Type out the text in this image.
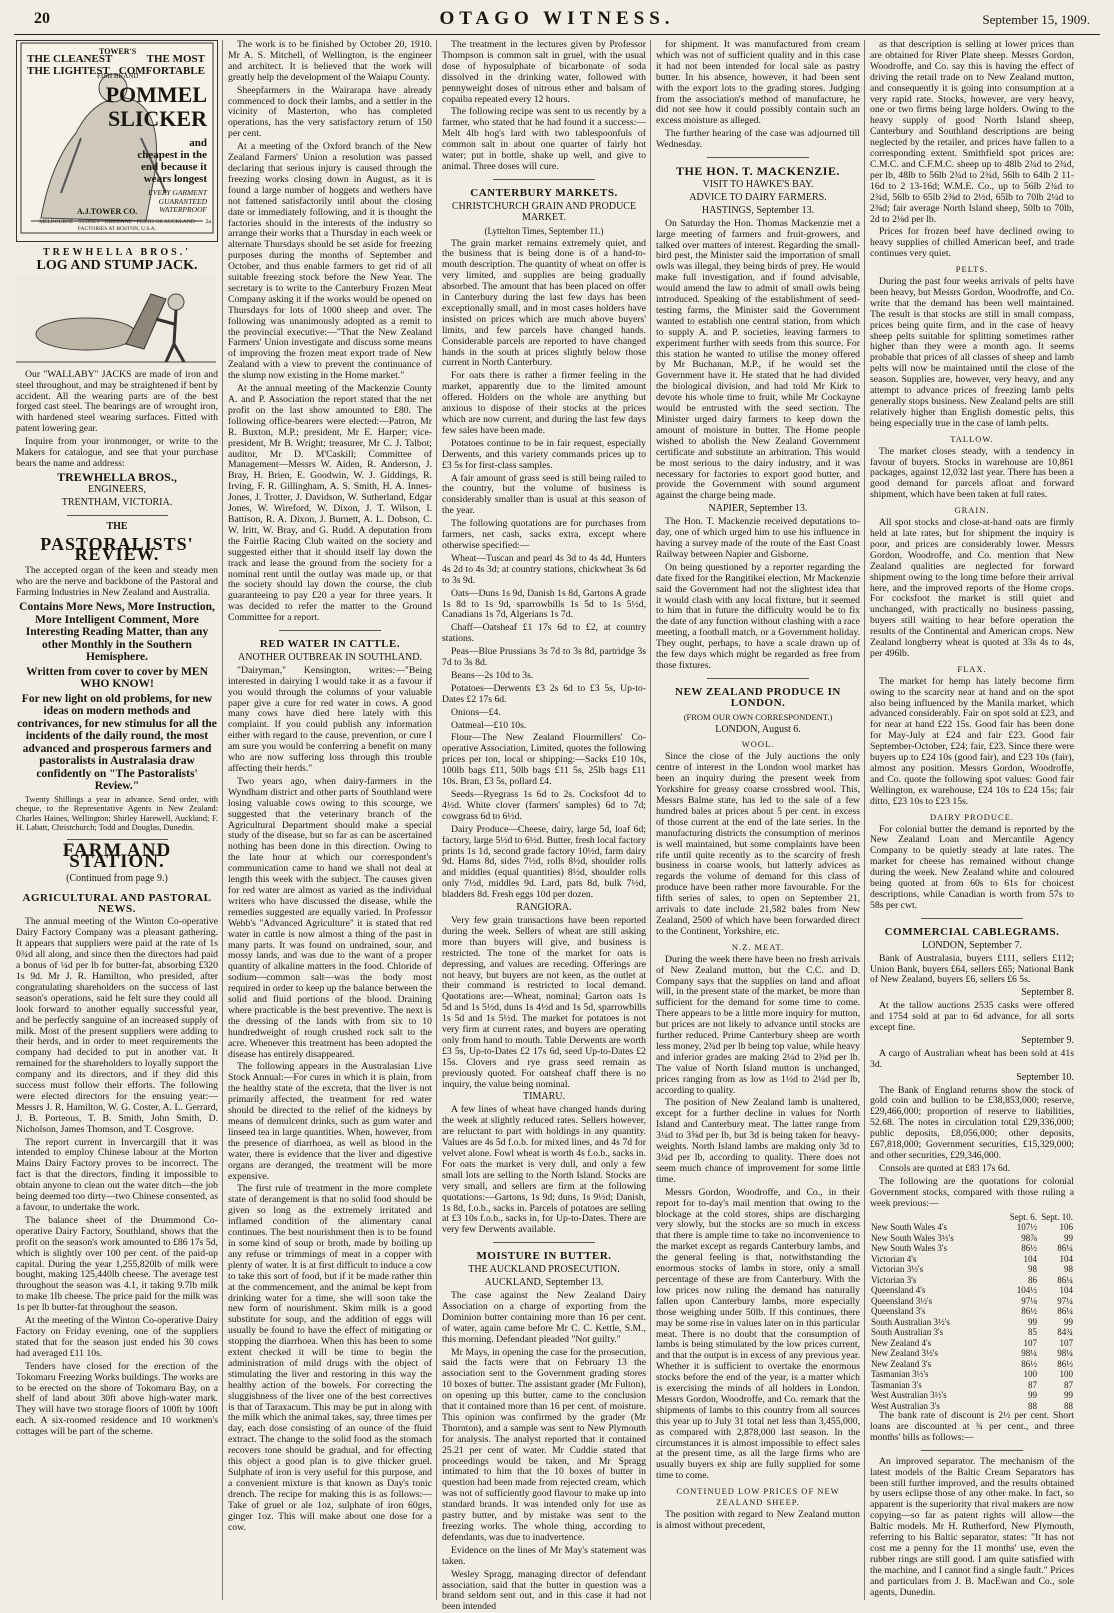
20	OTAGO WITNESS.	September 15, 1909.
THE CLEANEST
THE LIGHTEST
THE MOST
COMFORTABLE
TOWER'S
FISH BRAND
POMMEL
SLICKER
and
cheapest in the
end because it
wears longest
EVERY GARMENT GUARANTEED WATERPROOF
A.J.TOWER CO.
MELBOURNE • SYDNEY • BRISBANE • PERTH OR AUCKLAND
FACTORIES AT BOSTON, U.S.A.
2a

TREWHELLA BROS.'

LOG AND STUMP JACK.

Our "WALLABY" JACKS are made of iron and steel throughout, and may be straightened if bent by accident. All the wearing parts are of the best forged cast steel. The bearings are of wrought iron, with hardened steel wearing surfaces. Fitted with patent lowering gear.

Inquire from your ironmonger, or write to the Makers for catalogue, and see that your purchase bears the name and address:

TREWHELLA BROS.,

ENGINEERS,

TRENTHAM, VICTORIA.

THE

PASTORALISTS' REVIEW.

The accepted organ of the keen and steady men who are the nerve and backbone of the Pastoral and Farming Industries in New Zealand and Australia.

Contains More News, More Instruction, More Intelligent Comment, More Interesting Reading Matter, than any other Monthly in the Southern Hemisphere.

Written from cover to cover by MEN WHO KNOW!

For new light on old problems, for new ideas on modern methods and contrivances, for new stimulus for all the incidents of the daily round, the most advanced and prosperous farmers and pastoralists in Australasia draw confidently on "The Pastoralists' Review."

Twenty Shillings a year in advance. Send order, with cheque, to the Representative Agents in New Zealand: Charles Haines, Wellington; Shirley Harewell, Auckland; F. H. Labatt, Christchurch; Todd and Douglas, Dunedin.

FARM AND STATION.

(Continued from page 9.)

AGRICULTURAL AND PASTORAL NEWS.

The annual meeting of the Winton Co-operative Dairy Factory Company was a pleasant gathering. It appears that suppliers were paid at the rate of 1s 0¾d all along, and since then the directors had paid a bonus of ¼d per lb for butter-fat, absorbing £320 1s 9d. Mr J. R. Hamilton, who presided, after congratulating shareholders on the success of last season's operations, said he felt sure they could all look forward to another equally successful year, and be perfectly sanguine of an increased supply of milk. Most of the present suppliers were adding to their herds, and in order to meet requirements the company had decided to put in another vat. It remained for the shareholders to loyally support the company and its directors, and if they did this success must follow their efforts. The following were elected directors for the ensuing year:—Messrs J. R. Hamilton, W. G. Coster, A. L. Gerrard, J. B. Porteous, T. B. Smith, John Smith, D. Nicholson, James Thomson, and T. Cosgrove.

The report current in Invercargill that it was intended to employ Chinese labour at the Morton Mains Dairy Factory proves to be incorrect. The fact is that the directors, finding it impossible to obtain anyone to clean out the water ditch—the job being deemed too dirty—two Chinese consented, as a favour, to undertake the work.

The balance sheet of the Drummond Co-operative Dairy Factory, Southland, shows that the profit on the season's work amounted to £86 17s 5d, which is slightly over 100 per cent. of the paid-up capital. During the year 1,255,820lb of milk were bought, making 125,440lb cheese. The average test throughout the season was 4.1, it taking 9.7lb milk to make 1lb cheese. The price paid for the milk was 1s per lb butter-fat throughout the season.

At the meeting of the Winton Co-operative Dairy Factory on Friday evening, one of the suppliers stated that for the season just ended his 30 cows had averaged £11 10s.

Tenders have closed for the erection of the Tokomaru Freezing Works buildings. The works are to be erected on the shore of Tokomaru Bay, on a shelf of land about 30ft above high-water mark. They will have two storage floors of 100ft by 100ft each. A six-roomed residence and 10 workmen's cottages will be part of the scheme.

The work is to be finished by October 20, 1910. Mr A. S. Mitchell, of Wellington, is the engineer and architect. It is believed that the work will greatly help the development of the Waiapu County.

Sheepfarmers in the Wairarapa have already commenced to dock their lambs, and a settler in the vicinity of Masterton, who has completed operations, has the very satisfactory return of 150 per cent.

At a meeting of the Oxford branch of the New Zealand Farmers' Union a resolution was passed declaring that serious injury is caused through the freezing works closing down in August, as it is found a large number of hoggets and wethers have not fattened satisfactorily until about the closing date or immediately following, and it is thought the factories should in the interests of the industry so arrange their works that a Thursday in each week or alternate Thursdays should be set aside for freezing purposes during the months of September and October, and thus enable farmers to get rid of all suitable freezing stock before the New Year. The secretary is to write to the Canterbury Frozen Meat Company asking it if the works would be opened on Thursdays for lots of 1000 sheep and over. The following was unanimously adopted as a remit to the provincial executive:—"That the New Zealand Farmers' Union investigate and discuss some means of improving the frozen meat export trade of New Zealand with a view to prevent the continuance of the slump now existing in the Home market."

At the annual meeting of the Mackenzie County A. and P. Association the report stated that the net profit on the last show amounted to £80. The following office-bearers were elected:—Patron, Mr R. Buxton, M.P.; president, Mr E. Harper; vice-president, Mr B. Wright; treasurer, Mr C. J. Talbot; auditor, Mr D. M'Caskill; Committee of Management—Messrs W. Aiden, R. Anderson, J. Bray, H. Brien, E. Goodwin, W. J. Giddings, R. Irving, F. R. Gillingham, A. S. Smith, H. A. Innes-Jones, J. Trotter, J. Davidson, W. Sutherland, Edgar Jones, W. Wireford, W. Dixon, J. T. Wilson, I. Battison, R. A. Dixon, J. Burnett, A. L. Dobson, C. W. Iritt, W. Bray, and G. Rudd. A deputation from the Fairlie Racing Club waited on the society and suggested either that it should itself lay down the track and lease the ground from the society for a nominal rent until the outlay was made up, or that the society should lay down the course, the club guaranteeing to pay £20 a year for three years. It was decided to refer the matter to the Ground Committee for a report.

RED WATER IN CATTLE.

ANOTHER OUTBREAK IN SOUTHLAND.

"Dairyman," Kensington, writes:—"Being interested in dairying I would take it as a favour if you would through the columns of your valuable paper give a cure for red water in cows. A good many cows have died here lately with this complaint. If you could publish any information either with regard to the cause, prevention, or cure I am sure you would be conferring a benefit on many who are now suffering loss through this trouble affecting their herds."

Two years ago, when dairy-farmers in the Wyndham district and other parts of Southland were losing valuable cows owing to this scourge, we suggested that the veterinary branch of the Agricultural Department should make a special study of the disease, but so far as can be ascertained nothing has been done in this direction. Owing to the late hour at which our correspondent's communication came to hand we shall not deal at length this week with the subject. The causes given for red water are almost as varied as the individual writers who have discussed the disease, while the remedies suggested are equally varied. In Professor Webb's "Advanced Agriculture" it is stated that red water in cattle is now almost a thing of the past in many parts. It was found on undrained, sour, and mossy lands, and was due to the want of a proper quantity of alkaline matters in the food. Chloride of sodium—common salt—was the body most required in order to keep up the balance between the solid and fluid portions of the blood. Draining where practicable is the best preventive. The next is the dressing of the lands with from six to 10 hundredweight of rough crushed rock salt to the acre. Whenever this treatment has been adopted the disease has entirely disappeared.

The following appears in the Australasian Live Stock Annual:—For cures in which it is plain, from the healthy state of the excreta, that the liver is not primarily affected, the treatment for red water should be directed to the relief of the kidneys by means of demulcent drinks, such as gum water and linseed tea in large quantities. When, however, from the presence of diarrhoea, as well as blood in the water, there is evidence that the liver and digestive organs are deranged, the treatment will be more expensive.

The first rule of treatment in the more complete state of derangement is that no solid food should be given so long as the extremely irritated and inflamed condition of the alimentary canal continues. The best nourishment then is to be found in some kind of soup or broth, made by boiling up any refuse or trimmings of meat in a copper with plenty of water. It is at first difficult to induce a cow to take this sort of food, but if it be made rather thin at the commencement, and the animal be kept from drinking water for a time, she will soon take the new form of nourishment. Skim milk is a good substitute for soup, and the addition of eggs will usually be found to have the effect of mitigating or stopping the diarrhoea. When this has been to some extent checked it will be time to begin the administration of mild drugs with the object of stimulating the liver and restoring in this way the healthy action of the bowels. For correcting the sluggishness of the liver one of the best correctives is that of Taraxacum. This may be put in along with the milk which the animal takes, say, three times per day, each dose consisting of an ounce of the fluid extract. The change to the solid food as the stomach recovers tone should be gradual, and for effecting this object a good plan is to give thicker gruel. Sulphate of iron is very useful for this purpose, and a convenient mixture is that known as Day's tonic drench. The recipe for making this is as follows:—Take of gruel or ale 1oz, sulphate of iron 60grs, ginger 1oz. This will make about one dose for a cow.

The treatment in the lectures given by Professor Thompson is common salt in gruel, with the usual dose of hyposulphate of bicarbonate of soda dissolved in the drinking water, followed with pennyweight doses of nitrous ether and balsam of copaiba repeated every 12 hours.

The following recipe was sent to us recently by a farmer, who stated that he had found it a success:—Melt 4lb hog's lard with two tablespoonfuls of common salt in about one quarter of fairly hot water; put in bottle, shake up well, and give to animal. Three doses will cure.

CANTERBURY MARKETS.

CHRISTCHURCH GRAIN AND PRODUCE MARKET.

(Lyttelton Times, September 11.)

The grain market remains extremely quiet, and the business that is being done is of a hand-to-mouth description. The quantity of wheat on offer is very limited, and supplies are being gradually absorbed. The amount that has been placed on offer in Canterbury during the last few days has been exceptionally small, and in most cases holders have insisted on prices which are much above buyers' limits, and few parcels have changed hands. Considerable parcels are reported to have changed hands in the south at prices slightly below those current in North Canterbury.

For oats there is rather a firmer feeling in the market, apparently due to the limited amount offered. Holders on the whole are anything but anxious to dispose of their stocks at the prices which are now current, and during the last few days few sales have been made.

Potatoes continue to be in fair request, especially Derwents, and this variety commands prices up to £3 5s for first-class samples.

A fair amount of grass seed is still being railed to the country, but the volume of business is considerably smaller than is usual at this season of the year.

The following quotations are for purchases from farmers, net cash, sacks extra, except where otherwise specified:—

Wheat—Tuscan and pearl 4s 3d to 4s 4d, Hunters 4s 2d to 4s 3d; at country stations, chickwheat 3s 6d to 3s 9d.

Oats—Duns 1s 9d, Danish 1s 8d, Gartons A grade 1s 8d to 1s 9d, sparrowbills 1s 5d to 1s 5½d, Canadians 1s 7d, Algerians 1s 7d.

Chaff—Oatsheaf £1 17s 6d to £2, at country stations.

Peas—Blue Prussians 3s 7d to 3s 8d, partridge 3s 7d to 3s 8d.

Beans—2s 10d to 3s.

Potatoes—Derwents £3 2s 6d to £3 5s, Up-to-Dates £2 17s 6d.

Onions—£4.

Oatmeal—£10 10s.

Flour—The New Zealand Flourmillers' Co-operative Association, Limited, quotes the following prices per ton, local or shipping:—Sacks £10 10s, 100lb bags £11, 50lb bags £11 5s, 25lb bags £11 10s. Bran, £3 5s, pollard £4.

Seeds—Ryegrass 1s 6d to 2s. Cocksfoot 4d to 4½d. White clover (farmers' samples) 6d to 7d; cowgrass 6d to 6½d.

Dairy Produce—Cheese, dairy, large 5d, loaf 6d; factory, large 5½d to 6½d. Butter, fresh local factory prints 1s 1d, second grade factory 10½d, farm dairy 9d. Hams 8d, sides 7½d, rolls 8½d, shoulder rolls and middles (equal quantities) 8½d, shoulder rolls only 7½d, middles 9d. Lard, pats 8d, bulk 7½d, bladders 8d. Fresh eggs 10d per dozen.

RANGIORA.

Very few grain transactions have been reported during the week. Sellers of wheat are still asking more than buyers will give, and business is restricted. The tone of the market for oats is depressing, and values are receding. Offerings are not heavy, but buyers are not keen, as the outlet at their command is restricted to local demand. Quotations are:—Wheat, nominal; Garton oats 1s 5d and 1s 5½d, duns 1s 4½d and 1s 5d, sparrowbills 1s 5d and 1s 5½d. The market for potatoes is not very firm at current rates, and buyers are operating only from hand to mouth. Table Derwents are worth £3 5s, Up-to-Dates £2 17s 6d, seed Up-to-Dates £2 15s. Clovers and rye grass seed remain as previously quoted. For oatsheaf chaff there is no inquiry, the value being nominal.

TIMARU.

A few lines of wheat have changed hands during the week at slightly reduced rates. Sellers however, are reluctant to part with holdings in any quantity. Values are 4s 5d f.o.b. for mixed lines, and 4s 7d for velvet alone. Fowl wheat is worth 4s f.o.b., sacks in. For oats the market is very dull, and only a few small lots are selling to the North Island. Stocks are very small, and sellers are firm at the following quotations:—Gartons, 1s 9d; duns, 1s 9½d; Danish, 1s 8d, f.o.b., sacks in. Parcels of potatoes are selling at £3 10s f.o.b., sacks in, for Up-to-Dates. There are very few Derwents available.

MOISTURE IN BUTTER.

THE AUCKLAND PROSECUTION.

AUCKLAND, September 13.

The case against the New Zealand Dairy Association on a charge of exporting from the Dominion butter containing more than 16 per cent. of water, again came before Mr C. C. Kettle, S.M., this morning. Defendant pleaded "Not guilty."

Mr Mays, in opening the case for the prosecution, said the facts were that on February 13 the association sent to the Government grading stores 10 boxes of butter. The assistant grader (Mr Fulton), on opening up this butter, came to the conclusion that it contained more than 16 per cent. of moisture. This opinion was confirmed by the grader (Mr Thornton), and a sample was sent to New Plymouth for analysis. The analyst reported that it contained 25.21 per cent of water. Mr Cuddie stated that proceedings would be taken, and Mr Spragg intimated to him that the 10 boxes of butter in question had been made from rejected cream, which was not of sufficiently good flavour to make up into standard brands. It was intended only for use as pastry butter, and by mistake was sent to the freezing works. The whole thing, according to defendants, was due to inadvertence.

Evidence on the lines of Mr May's statement was taken.

Wesley Spragg, managing director of defendant association, said that the butter in question was a brand seldom sent out, and in this case it had not been intended

for shipment. It was manufactured from cream which was not of sufficient quality and in this case it had not been intended for local sale as pastry butter. In his absence, however, it had been sent with the export lots to the grading stores. Judging from the association's method of manufacture, he did not see how it could possibly contain such an excess moisture as alleged.

The further hearing of the case was adjourned till Wednesday.

THE HON. T. MACKENZIE.

VISIT TO HAWKE'S BAY.

ADVICE TO DAIRY FARMERS.

HASTINGS, September 13.

On Saturday the Hon. Thomas Mackenzie met a large meeting of farmers and fruit-growers, and talked over matters of interest. Regarding the small-bird pest, the Minister said the importation of small owls was illegal, they being birds of prey. He would make full investigation, and if found advisable, would amend the law to admit of small owls being introduced. Speaking of the establishment of seed-testing farms, the Minister said the Government wanted to establish one central station, from which to supply A. and P. societies, leaving farmers to experiment further with seeds from this source. For this station he wanted to utilise the money offered by Mr Buchanan, M.P., if he would set the Government have it. He stated that he had divided the biological division, and had told Mr Kirk to devote his whole time to fruit, while Mr Cockayne would be entrusted with the seed section. The Minister urged dairy farmers to keep down the amount of moisture in butter. The Home people wished to abolish the New Zealand Government certificate and substitute an arbitration. This would be most serious to the dairy industry, and it was necessary for factories to export good butter, and provide the Government with sound argument against the charge being made.

NAPIER, September 13.

The Hon. T. Mackenzie received deputations to-day, one of which urged him to use his influence in having a survey made of the route of the East Coast Railway between Napier and Gisborne.

On being questioned by a reporter regarding the date fixed for the Rangitikei election, Mr Mackenzie said the Government had not the slightest idea that it would clash with any local fixture, but it seemed to him that in future the difficulty would be to fix the date of any function without clashing with a race meeting, a football match, or a Government holiday. They ought, perhaps, to have a scale drawn up of the few days which might be regarded as free from those fixtures.

NEW ZEALAND PRODUCE IN LONDON.

(FROM OUR OWN CORRESPONDENT.)

LONDON, August 6.

WOOL.

Since the close of the July auctions the only centre of interest in the London wool market has been an inquiry during the present week from Yorkshire for greasy coarse crossbred wool. This, Messrs Balme state, has led to the sale of a few hundred bales at prices about 5 per cent. in excess of those current at the end of the late series. In the manufacturing districts the consumption of merinos is well maintained, but some complaints have been rife until quite recently as to the scarcity of fresh business in coarse wools, but latterly advices as regards the volume of demand for this class of produce have been rather more favourable. For the fifth series of sales, to open on September 21, arrivals to date include 21,582 bales from New Zealand, 2500 of which have been forwarded direct to the Continent, Yorkshire, etc.

N.Z. MEAT.

During the week there have been no fresh arrivals of New Zealand mutton, but the C.C. and D. Company says that the supplies on land and afloat will, in the present state of the market, be more than sufficient for the demand for some time to come. There appears to be a little more inquiry for mutton, but prices are not likely to advance until stocks are further reduced. Prime Canterbury sheep are worth less money, 2¾d per lb being top value, while heavy and inferior grades are making 2¼d to 2⅜d per lb. The value of North Island mutton is unchanged, prices ranging from as low as 1½d to 2¼d per lb, according to quality.

The position of New Zealand lamb is unaltered, except for a further decline in values for North Island and Canterbury meat. The latter range from 3¼d to 3⅝d per lb, but 3d is being taken for heavy-weights. North Island lambs are making only 3d to 3¼d per lb, according to quality. There does not seem much chance of improvement for some little time.

Messrs Gordon, Woodroffe, and Co., in their report for to-day's mail mention that owing to the blockage at the cold stores, ships are discharging very slowly, but the stocks are so much in excess that there is ample time to take no inconvenience to the market except as regards Canterbury lambs, and the general feeling is that, notwithstanding the enormous stocks of lambs in store, only a small percentage of these are from Canterbury. With the low prices now ruling the demand has naturally fallen upon Canterbury lambs, more especially those weighing under 50lb. If this continues, there may be some rise in values later on in this particular meat. There is no doubt that the consumption of lambs is being stimulated by the low prices current, and that the output is in excess of any previous year. Whether it is sufficient to overtake the enormous stocks before the end of the year, is a matter which is exercising the minds of all holders in London. Messrs Gordon, Woodroffe, and Co. remark that the shipments of lambs to this country from all sources this year up to July 31 total net less than 3,455,000, as compared with 2,878,000 last season. In the circumstances it is almost impossible to effect sales at the present time, as all the large firms who are usually buyers ex ship are fully supplied for some time to come.

CONTINUED LOW PRICES OF NEW ZEALAND SHEEP.

The position with regard to New Zealand mutton is almost without precedent,

as that description is selling at lower prices than are obtained for River Plate sheep. Messrs Gordon, Woodroffe, and Co. say this is having the effect of driving the retail trade on to New Zealand mutton, and consequently it is going into consumption at a very rapid rate. Stocks, however, are very heavy, one or two firms being large holders. Owing to the heavy supply of good North Island sheep, Canterbury and Southland descriptions are being neglected by the retailer, and prices have fallen to a corresponding extent. Smithfield spot prices are: C.M.C. and C.F.M.C. sheep up to 48lb 2¾d to 2¾d, per lb, 48lb to 56lb 2¾d to 2¾d, 56lb to 64lb 2 11-16d to 2 13-16d; W.M.E. Co., up to 56lb 2¾d to 2¾d, 56lb to 65lb 2⅜d to 2½d, 65lb to 70lb 2¼d to 2⅜d; fair average North Island sheep, 50lb to 70lb, 2d to 2⅛d per lb.

Prices for frozen beef have declined owing to heavy supplies of chilled American beef, and trade continues very quiet.

PELTS.

During the past four weeks arrivals of pelts have been heavy, but Messrs Gordon, Woodroffe, and Co. write that the demand has been well maintained. The result is that stocks are still in small compass, prices being quite firm, and in the case of heavy sheep pelts suitable for splitting sometimes rather higher than they were a month ago. It seems probable that prices of all classes of sheep and lamb pelts will now be maintained until the close of the season. Supplies are, however, very heavy, and any attempt to advance prices of freezing lamb pelts generally stops business. New Zealand pelts are still relatively higher than English domestic pelts, this being especially true in the case of lamb pelts.

TALLOW.

The market closes steady, with a tendency in favour of buyers. Stocks in warehouse are 10,861 packages, against 12,032 last year. There has been a good demand for parcels afloat and forward shipment, which have been taken at full rates.

GRAIN.

All spot stocks and close-at-hand oats are firmly held at late rates, but for shipment the inquiry is poor, and prices are considerably lower. Messrs Gordon, Woodroffe, and Co. mention that New Zealand qualities are neglected for forward shipment owing to the long time before their arrival here, and the improved reports of the Home crops. For cocksfoot the market is still quiet and unchanged, with practically no business passing, buyers still waiting to hear before operation the results of the Continental and American crops. New Zealand longberry wheat is quoted at 33s 4s to 4s, per 496lb.

FLAX.

The market for hemp has lately become firm owing to the scarcity near at hand and on the spot also being influenced by the Manila market, which advanced considerably. Fair on spot sold at £23, and for near at hand £22 15s. Good fair has been done for May-July at £24 and fair £23. Good fair September-October, £24; fair, £23. Since there were buyers up to £24 10s (good fair), and £23 10s (fair), almost any position. Messrs Gordon, Woodroffe, and Co. quote the following spot values: Good fair Wellington, ex warehouse, £24 10s to £24 15s; fair ditto, £23 10s to £23 15s.

DAIRY PRODUCE.

For colonial butter the demand is reported by the New Zealand Loan and Mercantile Agency Company to be quietly steady at late rates. The market for cheese has remained without change during the week. New Zealand white and coloured being quoted at from 60s to 61s for choicest descriptions, while Canadian is worth from 57s to 58s per cwt.

COMMERCIAL CABLEGRAMS.

LONDON, September 7.

Bank of Australasia, buyers £111, sellers £112; Union Bank, buyers £64, sellers £65; National Bank of New Zealand, buyers £6, sellers £6 5s.

September 8.

At the tallow auctions 2535 casks were offered and 1754 sold at par to 6d advance, for all sorts except fine.

September 9.

A cargo of Australian wheat has been sold at 41s 3d.

September 10.

The Bank of England returns show the stock of gold coin and bullion to be £38,853,000; reserve, £29,466,000; proportion of reserve to liabilities, 52.68. The notes in circulation total £29,336,000; public deposits, £8,056,000; other deposits, £67,818,000; Government securities, £15,329,000; and other securities, £29,346,000.

Consols are quoted at £83 17s 6d.

The following are the quotations for colonial Government stocks, compared with those ruling a week previous:—

	Sept. 6.	Sept. 10.
New South Wales 4's	107½	106
New South Wales 3½'s	98⅞	99
New South Wales 3's	86½	86¼
Victorian 4's	104	104
Victorian 3½'s	98	98
Victorian 3's	86	86¼
Queensland 4's	104½	104
Queensland 3½'s	97⅛	97¼
Queensland 3's	86½	86¼
South Australian 3½'s	99	99
South Australian 3's	85	84¾
New Zealand 4's	107	107
New Zealand 3½'s	98¼	98¼
New Zealand 3's	86½	86½
Tasmanian 3½'s	100	100
Tasmanian 3's	87	87
West Australian 3½'s	99	99
West Australian 3's	88	88

The bank rate of discount is 2½ per cent. Short loans are discounted at ¾ per cent., and three months' bills as follows:—

An improved separator. The mechanism of the latest models of the Baltic Cream Separators has been still further improved, and the results obtained by users eclipse those of any other make. In fact, so apparent is the superiority that rival makers are now copying—so far as patent rights will allow—the Baltic models. Mr H. Rutherford, New Plymouth, referring to his Baltic separator, states: "It has not cost me a penny for the 11 months' use, even the rubber rings are still good. I am quite satisfied with the machine, and I cannot find a single fault." Prices and particulars from J. B. MacEwan and Co., sole agents, Dunedin.
